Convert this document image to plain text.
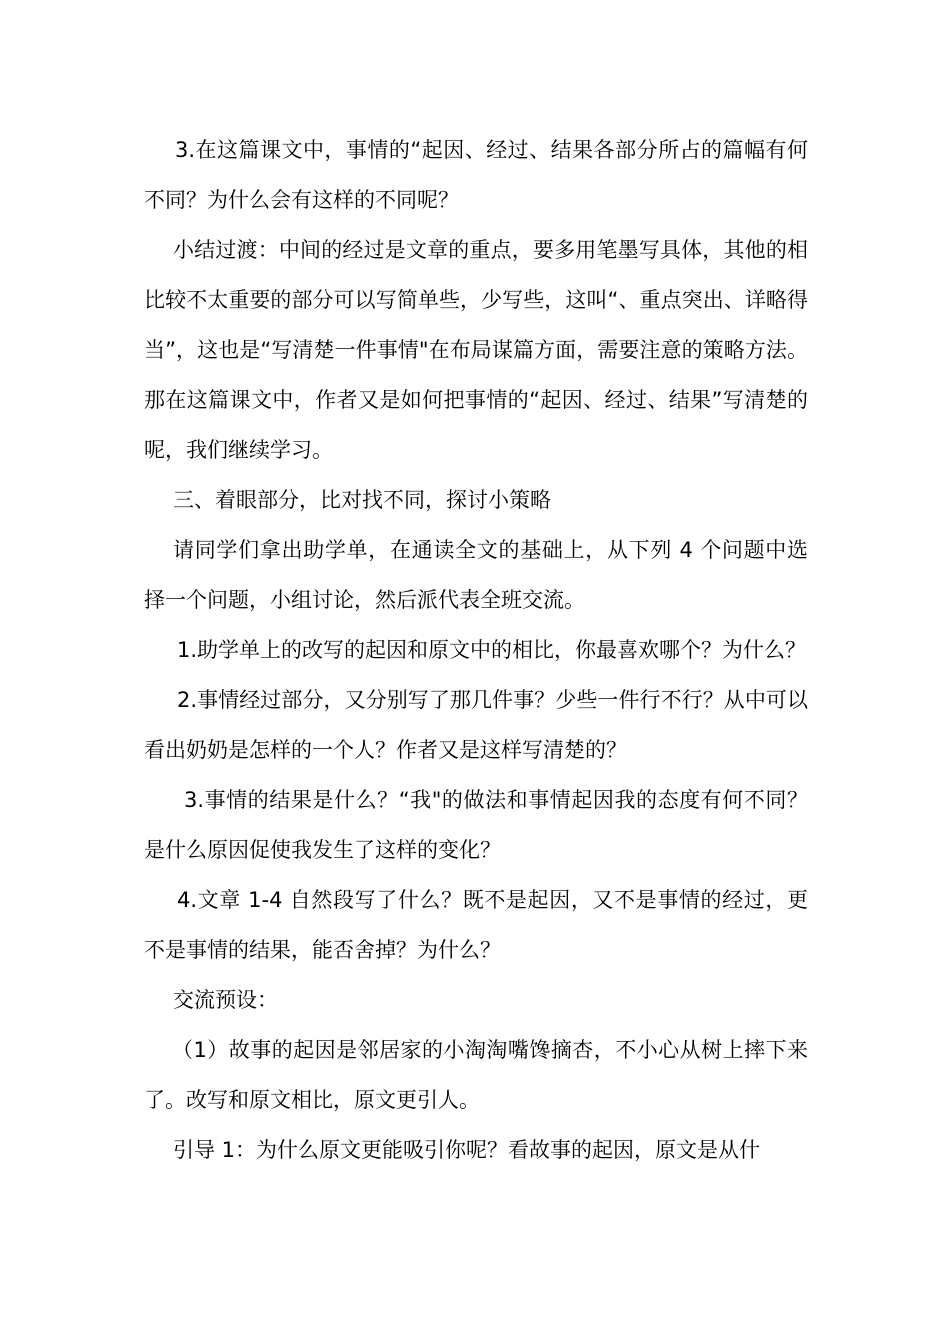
3.在这篇课文中，事情的“起因、经过、结果各部分所占的篇幅有何不同？为什么会有这样的不同呢？

小结过渡：中间的经过是文章的重点，要多用笔墨写具体，其他的相比较不太重要的部分可以写简单些，少写些，这叫“、重点突出、详略得当”，这也是“写清楚一件事情"在布局谋篇方面，需要注意的策略方法。那在这篇课文中，作者又是如何把事情的“起因、经过、结果”写清楚的呢，我们继续学习。

三、着眼部分，比对找不同，探讨小策略

请同学们拿出助学单，在通读全文的基础上，从下列 4 个问题中选择一个问题，小组讨论，然后派代表全班交流。

1.助学单上的改写的起因和原文中的相比，你最喜欢哪个？为什么？

2.事情经过部分，又分别写了那几件事？少些一件行不行？从中可以看出奶奶是怎样的一个人？作者又是这样写清楚的？

3.事情的结果是什么？“我"的做法和事情起因我的态度有何不同？是什么原因促使我发生了这样的变化？

4.文章 1-4 自然段写了什么？既不是起因，又不是事情的经过，更不是事情的结果，能否舍掉？为什么？

交流预设：

（1）故事的起因是邻居家的小淘淘嘴馋摘杏，不小心从树上摔下来了。改写和原文相比，原文更引人。

引导 1：为什么原文更能吸引你呢？看故事的起因，原文是从什
